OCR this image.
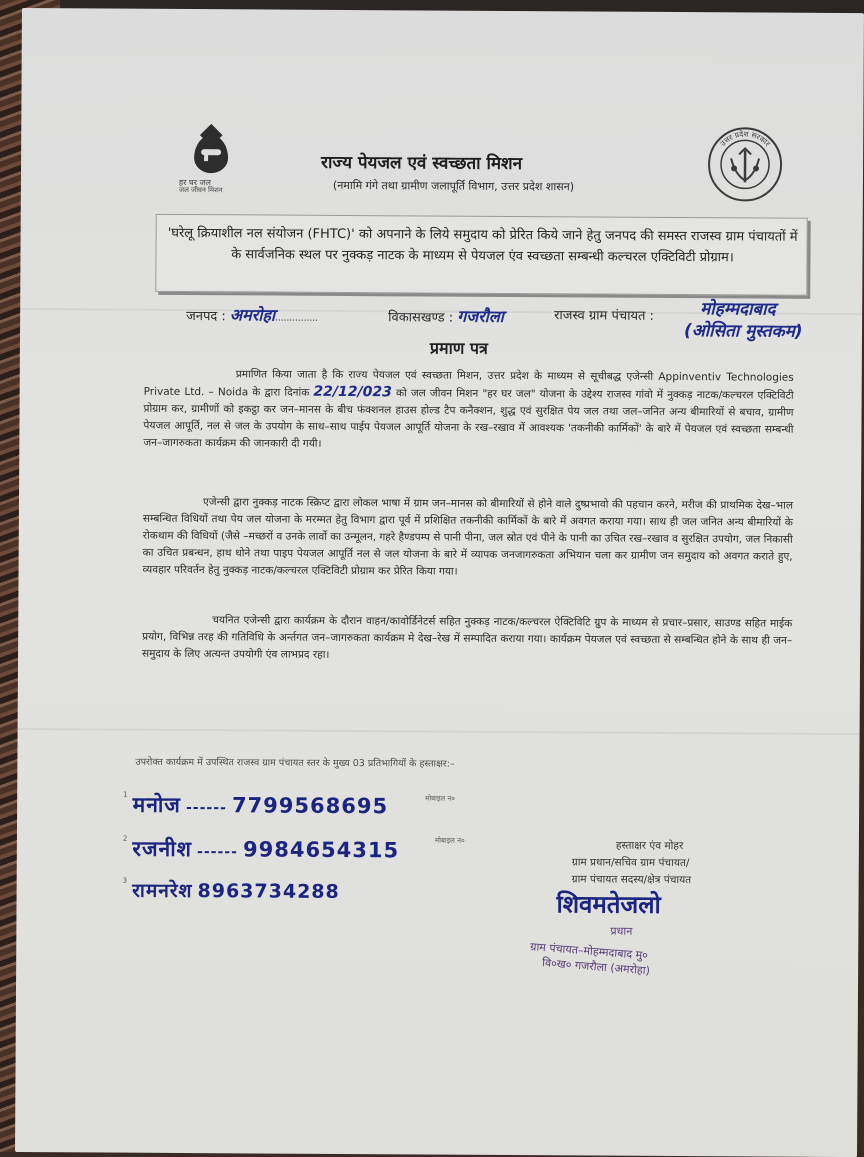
हर घर जल
जल जीवन मिशन
राज्य पेयजल एवं स्वच्छता मिशन
(नमामि गंगे तथा ग्रामीण जलापूर्ति विभाग, उत्तर प्रदेश शासन)
उत्तर प्रदेश सरकार
'घरेलू क्रियाशील नल संयोजन (FHTC)' को अपनाने के लिये समुदाय को प्रेरित किये जाने हेतु जनपद की समस्त राजस्व ग्राम पंचायतों में के सार्वजनिक स्थल पर नुक्कड़ नाटक के माध्यम से पेयजल एंव स्वच्छता सम्बन्धी कल्चरल एक्टिविटी प्रोग्राम।
जनपद : अमरोहा...............	विकासखण्ड : गजरौला	राजस्व ग्राम पंचायत :	मोहम्मदाबाद
(ओसिता मुस्तकम)
प्रमाण पत्र
प्रमाणित किया जाता है कि राज्य पेयजल एवं स्वच्छता मिशन, उत्तर प्रदेश के माध्यम से सूचीबद्ध एजेन्सी Appinventiv Technologies Private Ltd. – Noida के द्वारा दिनांक 22/12/023 को जल जीवन मिशन "हर घर जल" योजना के उद्देश्य राजस्व गांवो में नुक्कड़ नाटक/कल्चरल एक्टिविटी प्रोग्राम कर, ग्रामीणों को इकट्ठा कर जन–मानस के बीच फंक्शनल हाउस होल्ड टैप कनैक्शन, शुद्ध एवं सुरक्षित पेय जल तथा जल–जनित अन्य बीमारियों से बचाव, ग्रामीण पेयजल आपूर्ति, नल से जल के उपयोग के साथ–साथ पाईप पेयजल आपूर्ति योजना के रख–रखाव में आवश्यक 'तकनीकी कार्मिकों' के बारे में पेयजल एवं स्वच्छता सम्बन्धी जन–जागरुकता कार्यक्रम की जानकारी दी गयी।
एजेन्सी द्वारा नुक्कड़ नाटक स्क्रिप्ट द्वारा लोकल भाषा में ग्राम जन–मानस को बीमारियों से होने वाले दुष्प्रभावो की पहचान करने, मरीज की प्राथमिक देख–भाल सम्बन्धित विधियों तथा पेय जल योजना के मरम्मत हेतु विभाग द्वारा पूर्व में प्रशिक्षित तकनीकी कार्मिकों के बारे में अवगत कराया गया। साथ ही जल जनित अन्य बीमारियों के रोकथाम की विधियों (जैसे –मच्छरों व उनके लार्वो का उन्मूलन, गहरे हैण्डपम्प से पानी पीना, जल स्रोत एवं पीने के पानी का उचित रख–रखाव व सुरक्षित उपयोग, जल निकासी का उचित प्रबन्धन, हाथ धोने तथा पाइप पेयजल आपूर्ति नल से जल योजना के बारे में व्यापक जनजागरुकता अभियान चला कर ग्रामीण जन समुदाय को अवगत कराते हुए, व्यवहार परिवर्तन हेतु नुक्कड़ नाटक/कल्चरल एक्टिविटी प्रोग्राम कर प्रेरित किया गया।
चयनित एजेन्सी द्वारा कार्यक्रम के दौरान वाहन/कावोर्डिनेटर्स सहित नुक्कड़ नाटक/कल्चरल ऐक्टिविटि ग्रुप के माध्यम से प्रचार–प्रसार, साउण्ड सहित माईक प्रयोग, विभिन्न तरह की गतिविधि के अर्न्तगत जन–जागरुकता कार्यक्रम मे देख–रेख में सम्पादित कराया गया। कार्यक्रम पेयजल एवं स्वच्छता से सम्बन्धित होने के साथ ही जन–समुदाय के लिए अत्यन्त उपयोगी एंव लाभप्रद रहा।
उपरोक्त कार्यक्रम में उपस्थित राजस्व ग्राम पंचायत स्तर के मुख्य 03 प्रतिभागियों के हस्ताक्षर:–
$^1$ मनोज ------ 7799568695	मोबाइल न०
$^2$ रजनीश ------ 9984654315	मोबाइल न०
$^3$ रामनरेश 8963734288
हस्ताक्षर एंव मोहर
ग्राम प्रधान/सचिव ग्राम पंचायत/
ग्राम पंचायत सदस्य/क्षेत्र पंचायत
शिवमतेजलो
प्रधान
ग्राम पंचायत–मोहम्मदाबाद मु०
वि०ख० गजरौला (अमरोहा)
